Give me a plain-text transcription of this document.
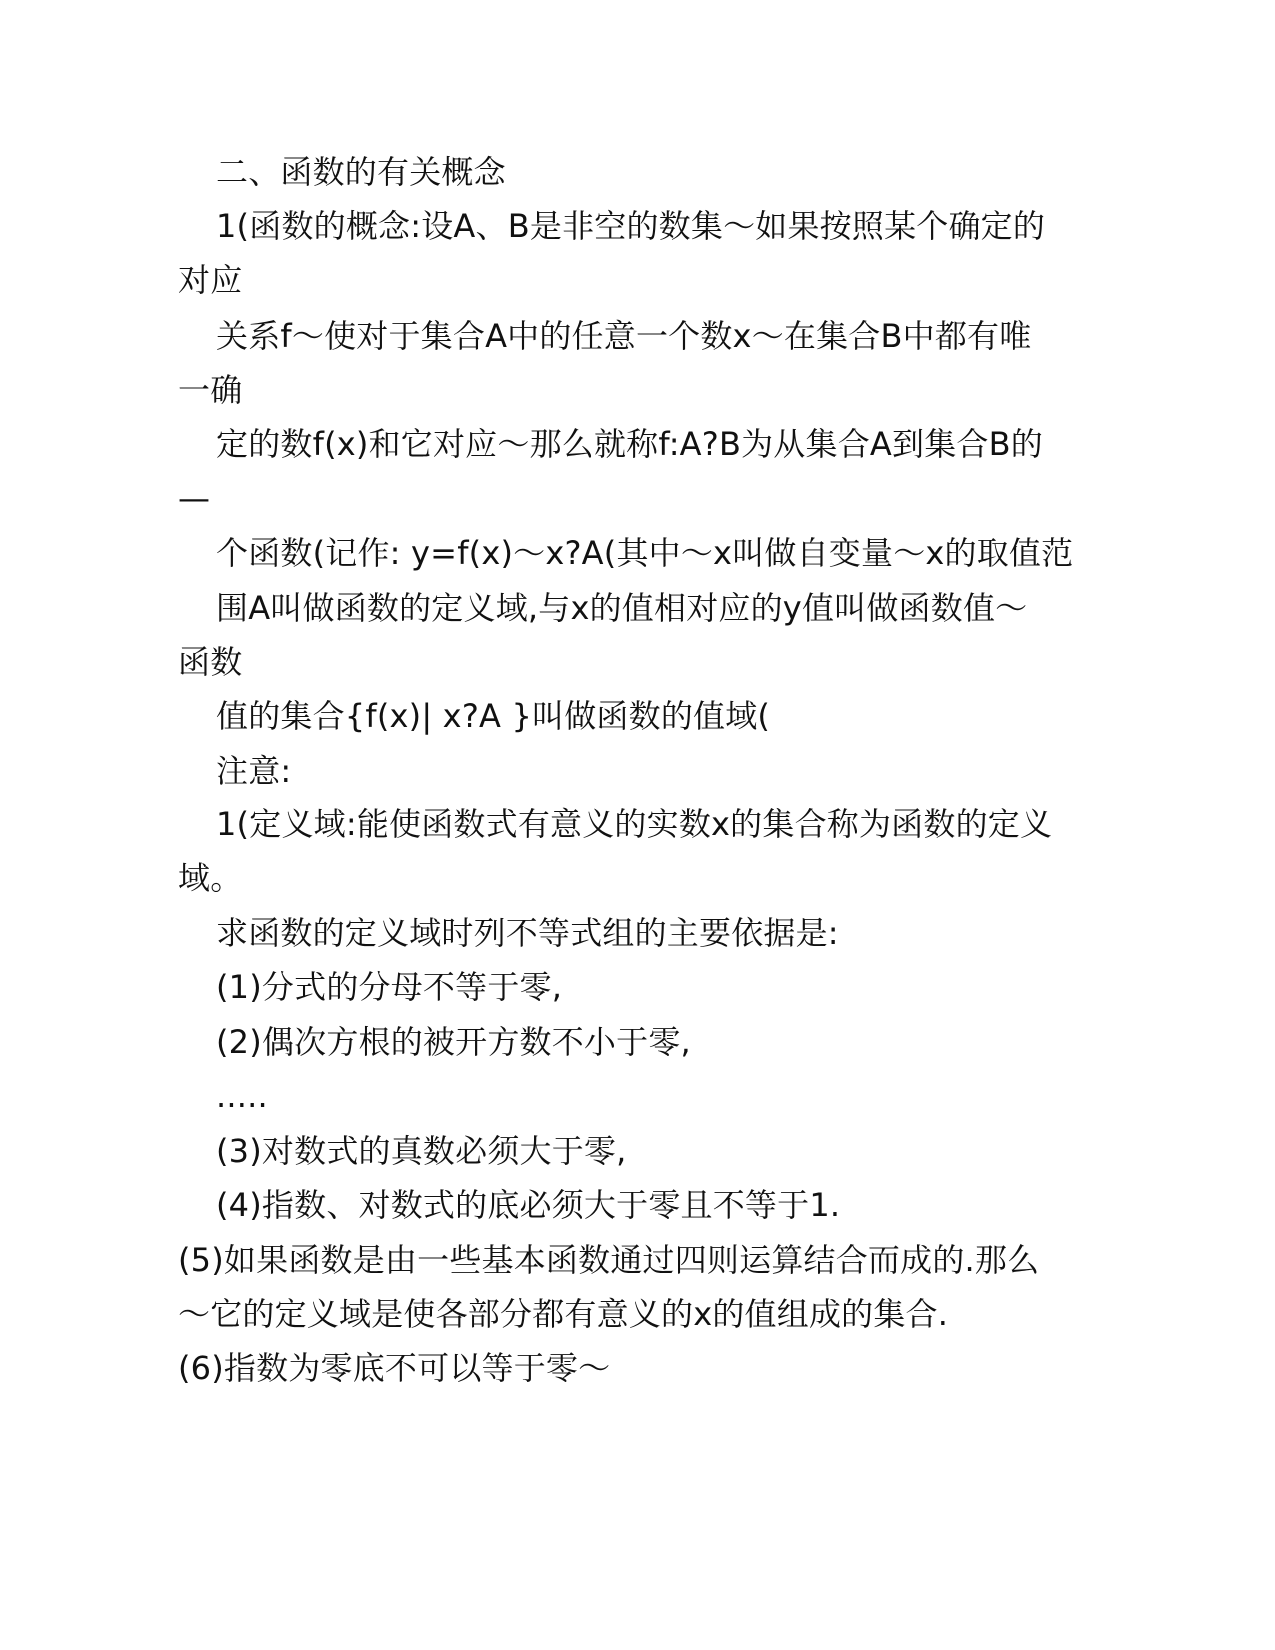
二、函数的有关概念
1(函数的概念:设A、B是非空的数集～如果按照某个确定的
对应
关系f～使对于集合A中的任意一个数x～在集合B中都有唯
一确
定的数f(x)和它对应～那么就称f:A?B为从集合A到集合B的
—
个函数(记作: y=f(x)～x?A(其中～x叫做自变量～x的取值范
围A叫做函数的定义域,与x的值相对应的y值叫做函数值～
函数
值的集合{f(x)| x?A }叫做函数的值域(
注意:
1(定义域:能使函数式有意义的实数x的集合称为函数的定义
域。
求函数的定义域时列不等式组的主要依据是:
(1)分式的分母不等于零,
(2)偶次方根的被开方数不小于零,
.....
(3)对数式的真数必须大于零,
(4)指数、对数式的底必须大于零且不等于1.
(5)如果函数是由一些基本函数通过四则运算结合而成的.那么
～它的定义域是使各部分都有意义的x的值组成的集合.
(6)指数为零底不可以等于零～
